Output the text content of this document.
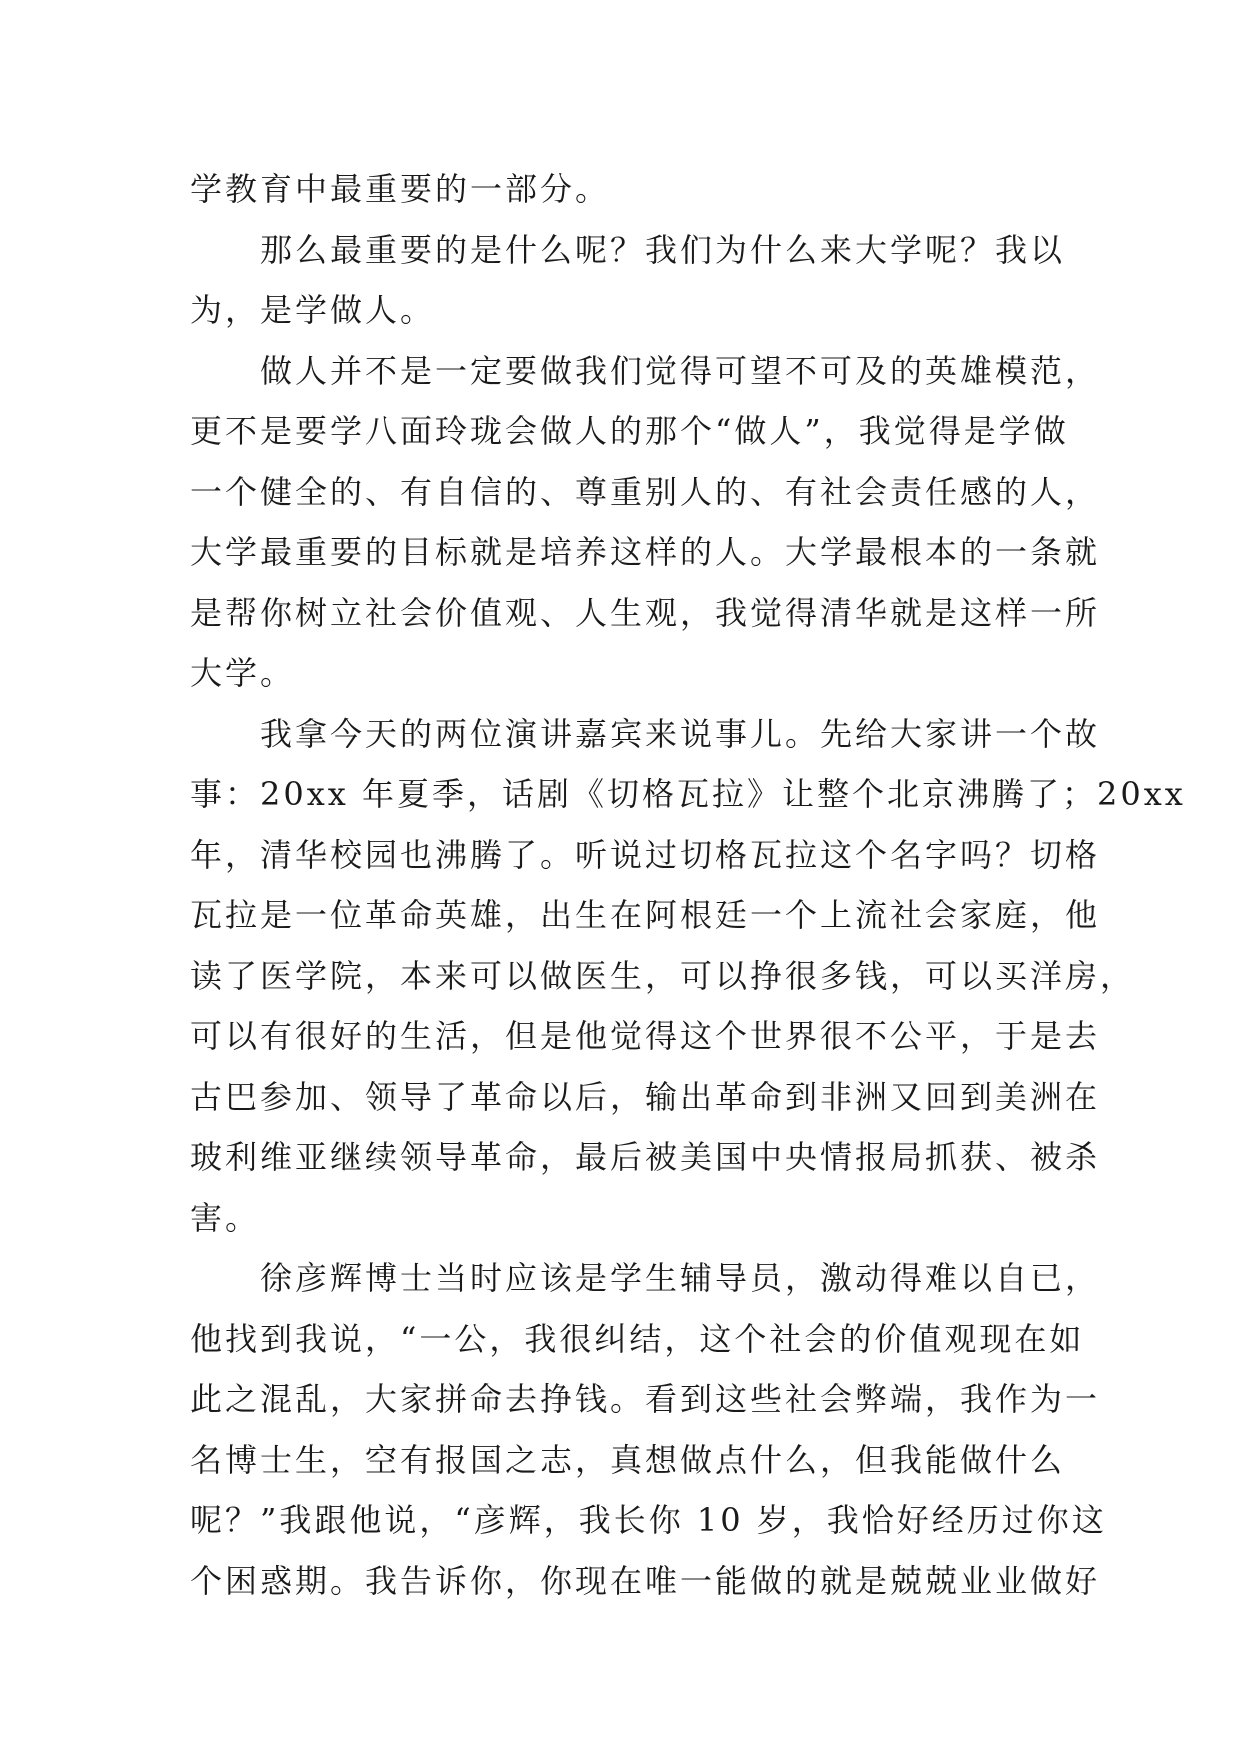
学教育中最重要的一部分。
那么最重要的是什么呢？我们为什么来大学呢？我以
为，是学做人。
做人并不是一定要做我们觉得可望不可及的英雄模范，
更不是要学八面玲珑会做人的那个“做人”，我觉得是学做
一个健全的、有自信的、尊重别人的、有社会责任感的人，
大学最重要的目标就是培养这样的人。大学最根本的一条就
是帮你树立社会价值观、人生观，我觉得清华就是这样一所
大学。
我拿今天的两位演讲嘉宾来说事儿。先给大家讲一个故
事：20xx 年夏季，话剧《切格瓦拉》让整个北京沸腾了；20xx
年，清华校园也沸腾了。听说过切格瓦拉这个名字吗？切格
瓦拉是一位革命英雄，出生在阿根廷一个上流社会家庭，他
读了医学院，本来可以做医生，可以挣很多钱，可以买洋房，
可以有很好的生活，但是他觉得这个世界很不公平，于是去
古巴参加、领导了革命以后，输出革命到非洲又回到美洲在
玻利维亚继续领导革命，最后被美国中央情报局抓获、被杀
害。
徐彦辉博士当时应该是学生辅导员，激动得难以自已，
他找到我说，“一公，我很纠结，这个社会的价值观现在如
此之混乱，大家拼命去挣钱。看到这些社会弊端，我作为一
名博士生，空有报国之志，真想做点什么，但我能做什么
呢？”我跟他说，“彦辉，我长你 10 岁，我恰好经历过你这
个困惑期。我告诉你，你现在唯一能做的就是兢兢业业做好
